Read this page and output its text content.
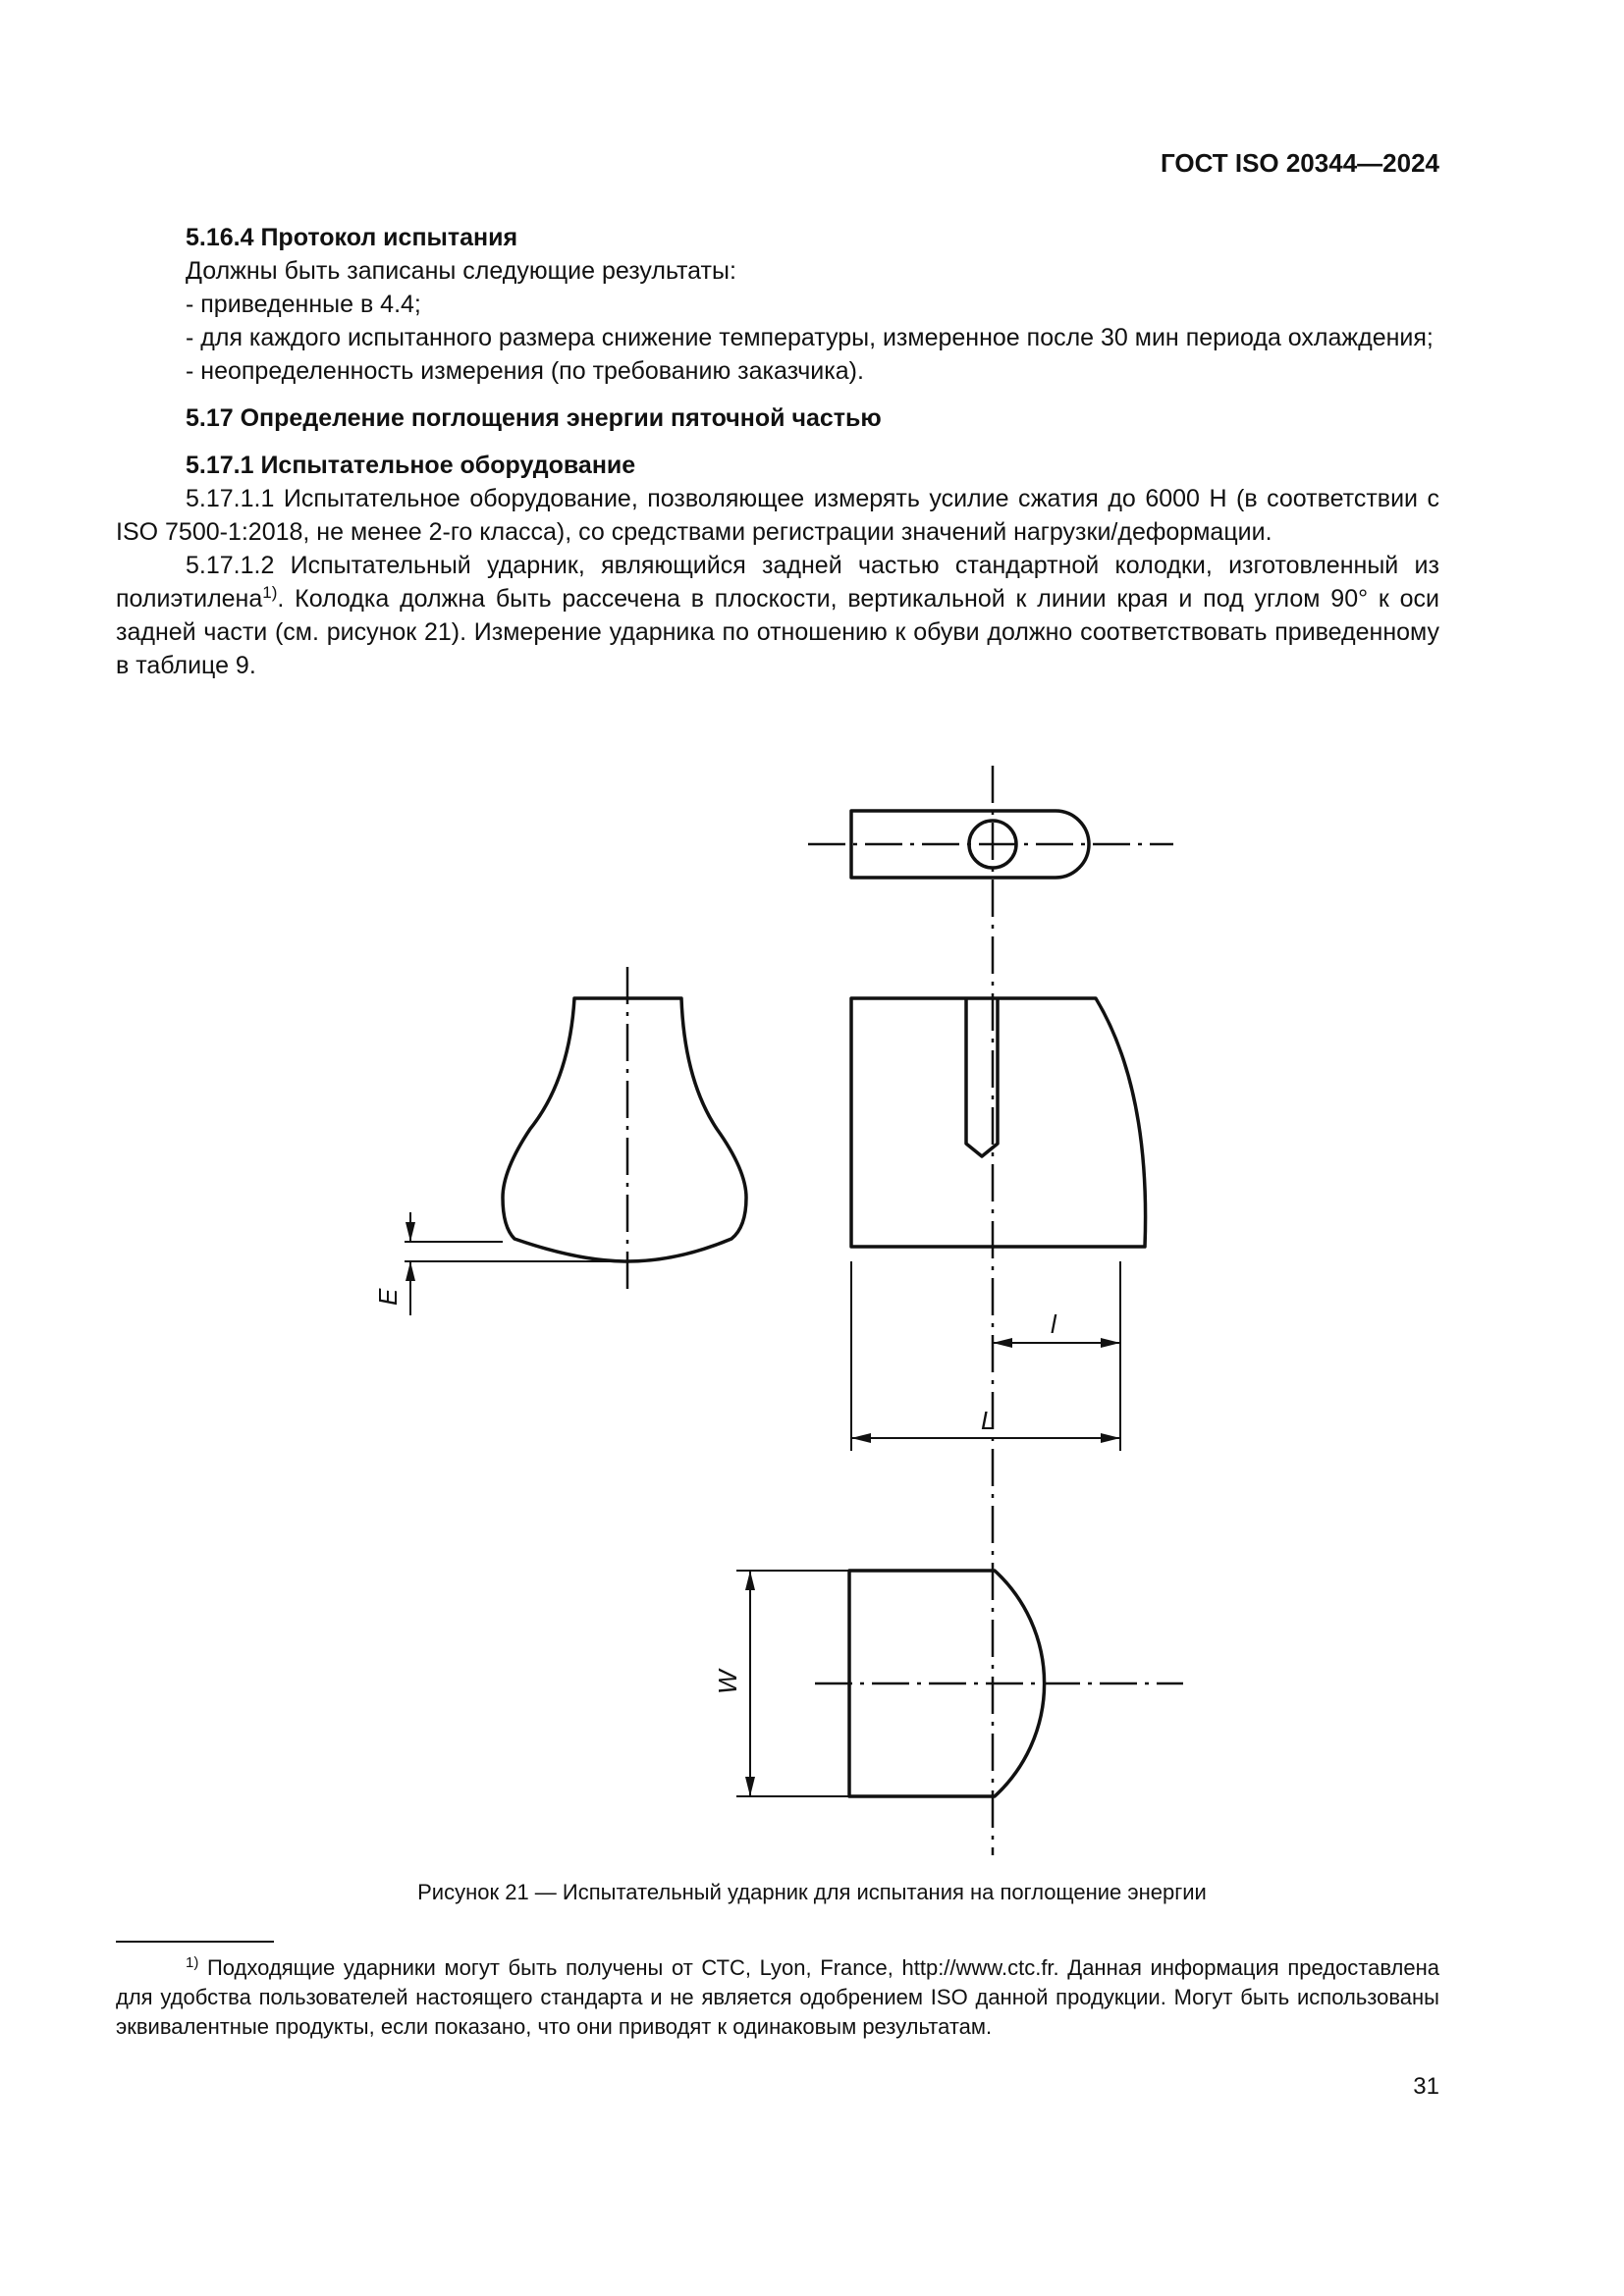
ГОСТ ISO 20344—2024

5.16.4 Протокол испытания

Должны быть записаны следующие результаты:

- приведенные в 4.4;

- для каждого испытанного размера снижение температуры, измеренное после 30 мин периода охлаждения;

- неопределенность измерения (по требованию заказчика).

5.17 Определение поглощения энергии пяточной частью

5.17.1 Испытательное оборудование

5.17.1.1 Испытательное оборудование, позволяющее измерять усилие сжатия до 6000 Н (в соответствии с ISO 7500-1:2018, не менее 2-го класса), со средствами регистрации значений нагрузки/деформации.

5.17.1.2 Испытательный ударник, являющийся задней частью стандартной колодки, изготовленный из полиэтилена$^{1)}$. Колодка должна быть рассечена в плоскости, вертикальной к линии края и под углом 90° к оси задней части (см. рисунок 21). Измерение ударника по отношению к обуви должно соответствовать приведенному в таблице 9.

E
l
L
W
Рисунок 21 — Испытательный ударник для испытания на поглощение энергии

$^{1)}$ Подходящие ударники могут быть получены от СТС, Lyon, France, http://www.ctc.fr. Данная информация предоставлена для удобства пользователей настоящего стандарта и не является одобрением ISO данной продукции. Могут быть использованы эквивалентные продукты, если показано, что они приводят к одинаковым результатам.

31
